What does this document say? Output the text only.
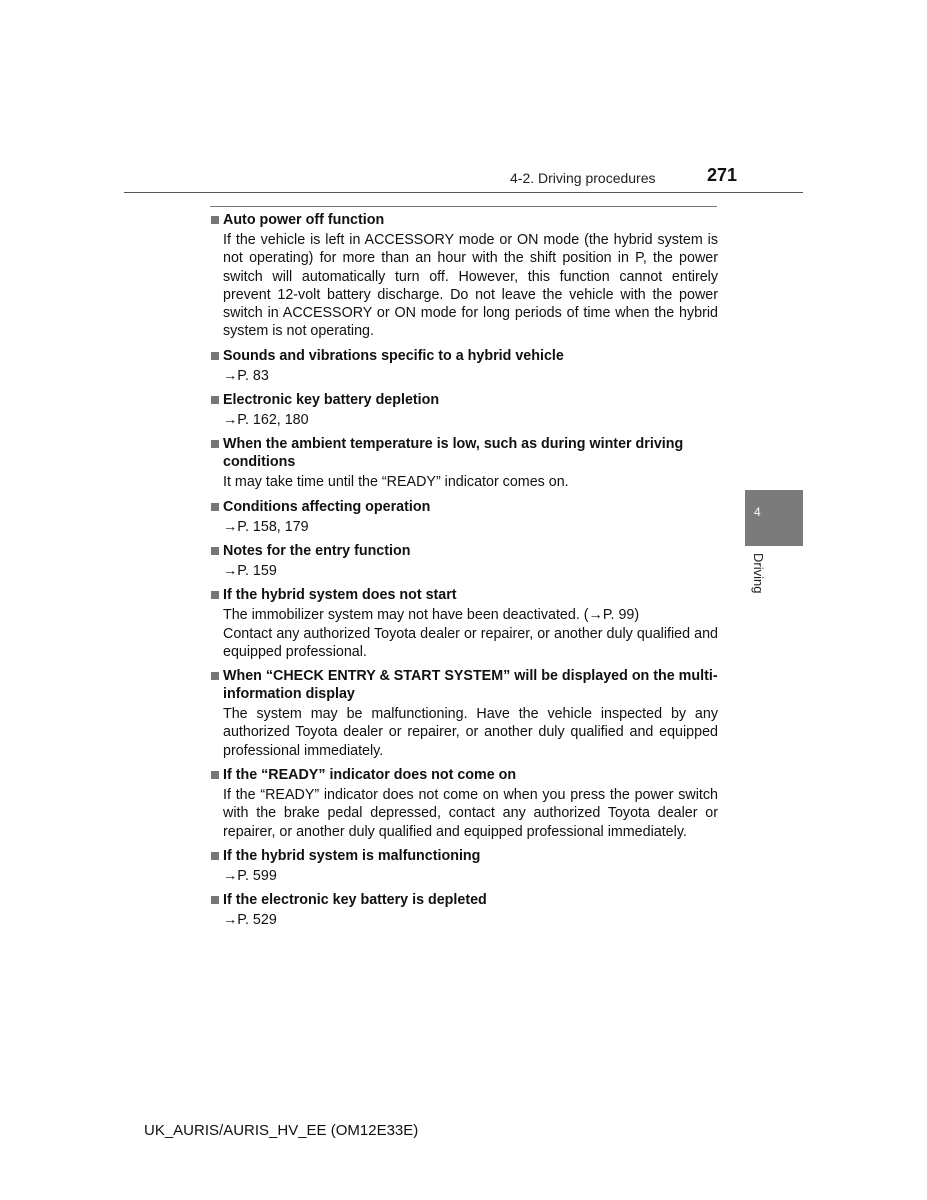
4-2. Driving procedures	271
Auto power off function

If the vehicle is left in ACCESSORY mode or ON mode (the hybrid system is not operating) for more than an hour with the shift position in P, the power switch will automatically turn off. However, this function cannot entirely prevent 12-volt battery discharge. Do not leave the vehicle with the power switch in ACCESSORY or ON mode for long periods of time when the hybrid system is not operating.

Sounds and vibrations specific to a hybrid vehicle

→P. 83

Electronic key battery depletion

→P. 162, 180

When the ambient temperature is low, such as during winter driving conditions

It may take time until the “READY” indicator comes on.

Conditions affecting operation

→P. 158, 179

Notes for the entry function

→P. 159

If the hybrid system does not start

The immobilizer system may not have been deactivated. (→P. 99)

Contact any authorized Toyota dealer or repairer, or another duly qualified and equipped professional.

When “CHECK ENTRY & START SYSTEM” will be displayed on the multi-information display

The system may be malfunctioning. Have the vehicle inspected by any authorized Toyota dealer or repairer, or another duly qualified and equipped professional immediately.

If the “READY” indicator does not come on

If the “READY” indicator does not come on when you press the power switch with the brake pedal depressed, contact any authorized Toyota dealer or repairer, or another duly qualified and equipped professional immediately.

If the hybrid system is malfunctioning

→P. 599

If the electronic key battery is depleted

→P. 529

4
Driving
UK_AURIS/AURIS_HV_EE (OM12E33E)
